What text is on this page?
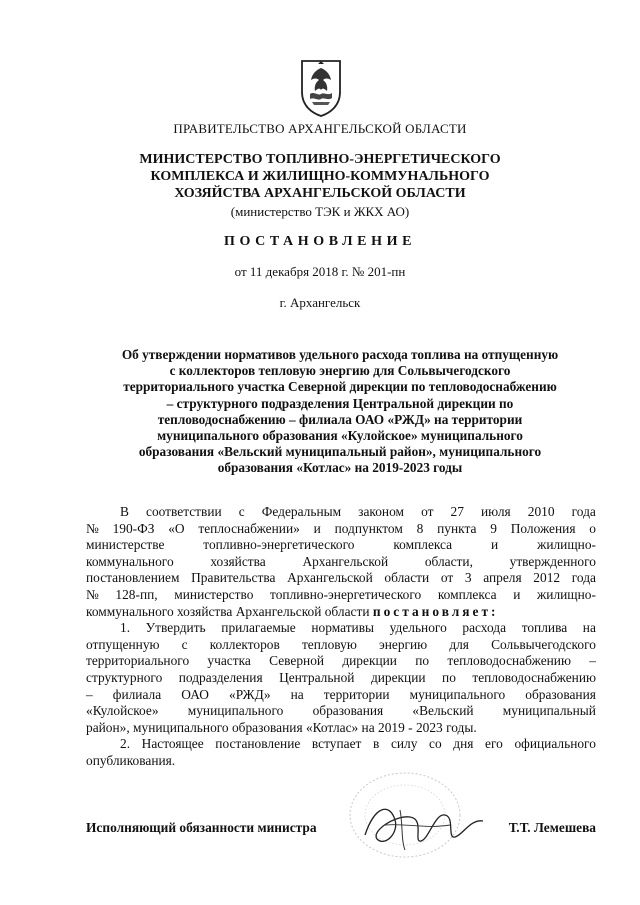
ПРАВИТЕЛЬСТВО АРХАНГЕЛЬСКОЙ ОБЛАСТИ
МИНИСТЕРСТВО ТОПЛИВНО-ЭНЕРГЕТИЧЕСКОГО
КОМПЛЕКСА И ЖИЛИЩНО-КОММУНАЛЬНОГО
ХОЗЯЙСТВА АРХАНГЕЛЬСКОЙ ОБЛАСТИ
(министерство ТЭК и ЖКХ АО)
ПОСТАНОВЛЕНИЕ
от 11 декабря 2018 г. № 201-пн
г. Архангельск
Об утверждении нормативов удельного расхода топлива на отпущенную
с коллекторов тепловую энергию для Сольвычегодского
территориального участка Северной дирекции по тепловодоснабжению
– структурного подразделения Центральной дирекции по
тепловодоснабжению – филиала ОАО «РЖД» на территории
муниципального образования «Кулойское» муниципального
образования «Вельский муниципальный район», муниципального
образования «Котлас» на 2019-2023 годы
В соответствии с Федеральным законом от 27 июля 2010 года
№ 190-ФЗ «О теплоснабжении» и подпунктом 8 пункта 9 Положения о
министерстве	топливно-энергетического	комплекса	и	жилищно-
коммунального	хозяйства	Архангельской	области,	утвержденного
постановлением Правительства Архангельской области от 3 апреля 2012 года
№ 128-пп, министерство топливно-энергетического комплекса и жилищно-
коммунального хозяйства Архангельской области
постановляет:
1. Утвердить прилагаемые нормативы удельного расхода топлива на
отпущенную с коллекторов тепловую энергию для Сольвычегодского
территориального участка Северной дирекции по тепловодоснабжению –
структурного подразделения Центральной дирекции по тепловодоснабжению
– филиала ОАО «РЖД» на территории муниципального образования
«Кулойское» муниципального образования «Вельский муниципальный
район», муниципального образования «Котлас» на 2019 - 2023 годы.
2. Настоящее постановление вступает в силу со дня его официального
опубликования.
Исполняющий обязанности министра	Т.Т. Лемешева
